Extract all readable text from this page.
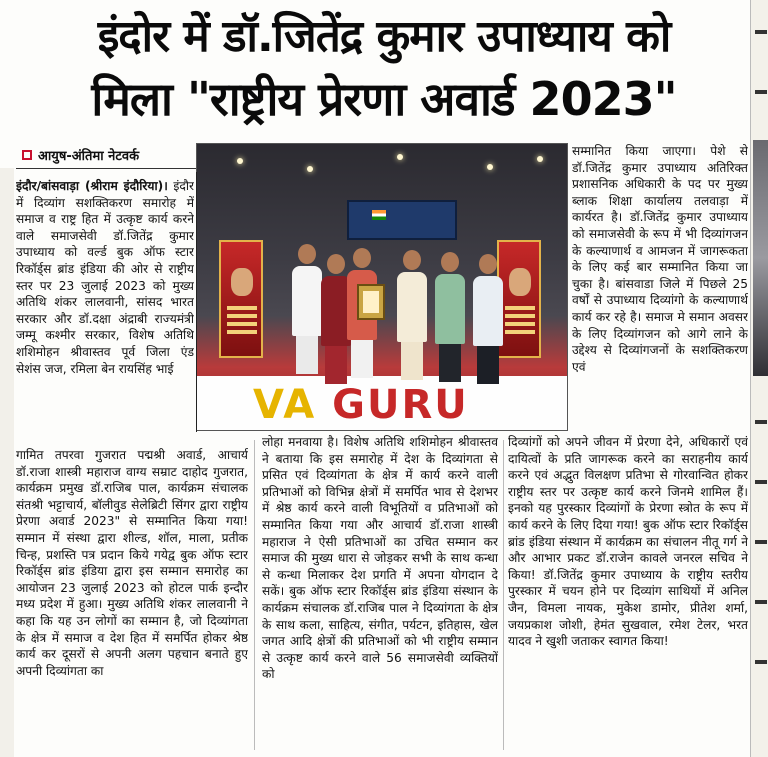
इंदोर में डॉ.जितेंद्र कुमार उपाध्याय को
मिला "राष्ट्रीय प्रेरणा अवार्ड 2023"
आयुष-अंतिमा नेटवर्क

इंदौर/बांसवाड़ा (श्रीराम इंदौरिया)। इंदौर में दिव्यांग सशक्तिकरण समारोह में समाज व राष्ट्र हित में उत्कृष्ट कार्य करने वाले समाजसेवी डॉ.जितेंद्र कुमार उपाध्याय को वर्ल्ड बुक ऑफ स्टार रिकॉर्ड्स ब्रांड इंडिया की ओर से राष्ट्रीय स्तर पर 23 जुलाई 2023 को मुख्य अतिथि शंकर लालवानी, सांसद भारत सरकार और डॉ.दक्षा अंद्राबी राज्यमंत्री जम्मू कश्मीर सरकार, विशेष अतिथि शशिमोहन श्रीवास्तव पूर्व जिला एंड सेशंस जज, रमिला बेन रायसिंह भाई

गामित तपरवा गुजरात पद्मश्री अवार्ड, आचार्य डॉ.राजा शास्त्री महाराज वाग्य सम्राट दाहोद गुजरात, कार्यक्रम प्रमुख डॉ.राजिब पाल, कार्यक्रम संचालक संतश्री भट्टाचार्य, बॉलीवुड सेलेब्रिटी सिंगर द्वारा राष्ट्रीय प्रेरणा अवार्ड 2023" से सम्मानित किया गया! सम्मान में संस्था द्वारा शील्ड, शॉल, माला, प्रतीक चिन्ह, प्रशस्ति पत्र प्रदान किये गयेद्व बुक ऑफ स्टार रिकॉर्ड्स ब्रांड इंडिया द्वारा इस सम्मान समारोह का आयोजन 23 जुलाई 2023 को होटल पार्क इन्दौर मध्य प्रदेश में हुआ। मुख्य अतिथि शंकर लालवानी ने कहा कि यह उन लोगों का सम्मान है, जो दिव्यांगता के क्षेत्र में समाज व देश हित में समर्पित होकर श्रेष्ठ कार्य कर दूसरों से अपनी अलग पहचान बनाते हुए अपनी दिव्यांगता का

VA GURU

लोहा मनवाया है। विशेष अतिथि शशिमोहन श्रीवास्तव ने बताया कि इस समारोह में देश के दिव्यांगता से प्रसित एवं दिव्यांगता के क्षेत्र में कार्य करने वाली प्रतिभाओं को विभिन्न क्षेत्रों में समर्पित भाव से देशभर में श्रेष्ठ कार्य करने वाली विभूतियों व प्रतिभाओं को सम्मानित किया गया और आचार्य डॉ.राजा शास्त्री महाराज ने ऐसी प्रतिभाओं का उचित सम्मान कर समाज की मुख्य धारा से जोड़कर सभी के साथ कन्धा से कन्धा मिलाकर देश प्रगति में अपना योगदान दे सकें। बुक ऑफ स्टार रिकॉर्ड्स ब्रांड इंडिया संस्थान के कार्यक्रम संचालक डॉ.राजिब पाल ने दिव्यांगता के क्षेत्र के साथ कला, साहित्य, संगीत, पर्यटन, इतिहास, खेल जगत आदि क्षेत्रों की प्रतिभाओं को भी राष्ट्रीय सम्मान से उत्कृष्ट कार्य करने वाले 56 समाजसेवी व्यक्तियों को

सम्मानित किया जाएगा। पेशे से डॉ.जितेंद्र कुमार उपाध्याय अतिरिक्त प्रशासनिक अधिकारी के पद पर मुख्य ब्लाक शिक्षा कार्यालय तलवाड़ा में कार्यरत है। डॉ.जितेंद्र कुमार उपाध्याय को समाजसेवी के रूप में भी दिव्यांगजन के कल्याणार्थ व आमजन में जागरूकता के लिए कई बार सम्मानित किया जा चुका है। बांसवाडा जिले में पिछले 25 वर्षों से उपाध्याय दिव्यांगो के कल्याणार्थ कार्य कर रहे है। समाज मे समान अवसर के लिए दिव्यांगजन को आगे लाने के उद्देश्य से दिव्यांगजनों के सशक्तिकरण एवं

दिव्यांगों को अपने जीवन में प्रेरणा देने, अधिकारों एवं दायित्वों के प्रति जागरूक करने का सराहनीय कार्य करने एवं अद्भुत विलक्षण प्रतिभा से गोरवान्वित होकर राष्ट्रीय स्तर पर उत्कृष्ट कार्य करने जिनमे शामिल हैं। इनको यह पुरस्कार दिव्यांगों के प्रेरणा स्त्रोत के रूप में कार्य करने के लिए दिया गया! बुक ऑफ स्टार रिकॉर्ड्स ब्रांड इंडिया संस्थान में कार्यक्रम का संचालन नीतू गर्ग ने और आभार प्रकट डॉ.राजेन कावले जनरल सचिव ने किया! डॉ.जितेंद्र कुमार उपाध्याय के राष्ट्रीय स्तरीय पुरस्कार में चयन होने पर दिव्यांग साथियों में अनिल जैन, विमला नायक, मुकेश डामोर, प्रीतेश शर्मा, जयप्रकाश जोशी, हेमंत सुखवाल, रमेश टेलर, भरत यादव ने खुशी जताकर स्वागत किया!
